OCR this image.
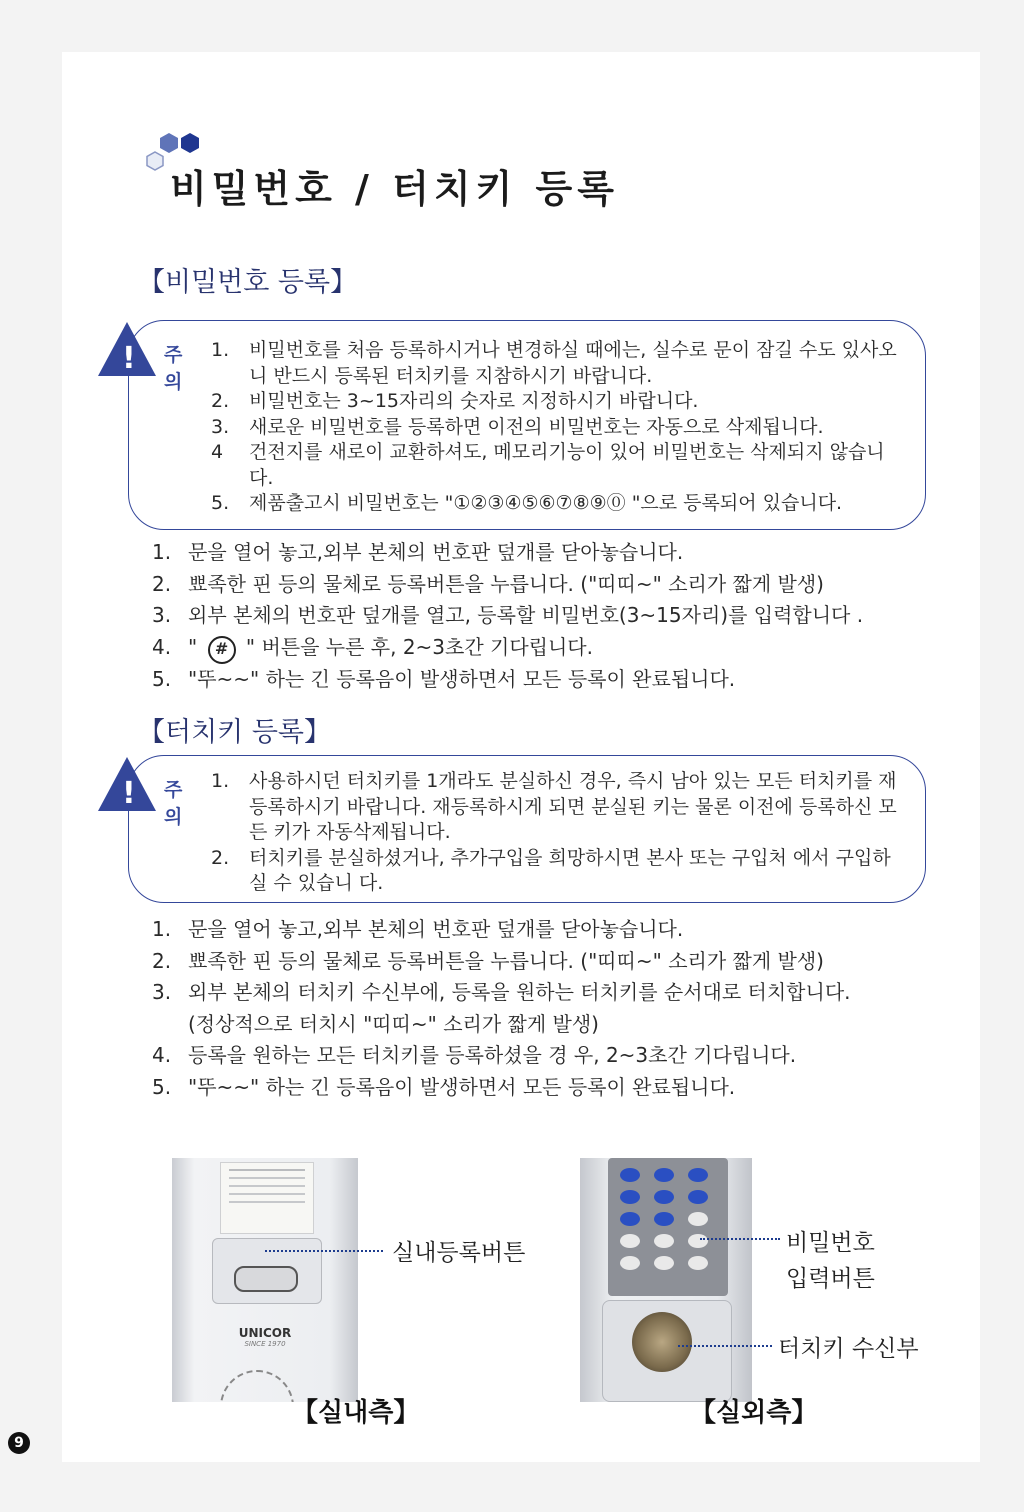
비밀번호 / 터치키 등록
【비밀번호 등록】
1.	비밀번호를 처음 등록하시거나 변경하실 때에는, 실수로 문이 잠길 수도 있사오니 반드시 등록된 터치키를 지참하시기 바랍니다.
2.	비밀번호는 3~15자리의 숫자로 지정하시기 바랍니다.
3.	새로운 비밀번호를 등록하면 이전의 비밀번호는 자동으로 삭제됩니다.
4	건전지를 새로이 교환하셔도, 메모리기능이 있어 비밀번호는 삭제되지 않습니다.
5.	제품출고시 비밀번호는 "①②③④⑤⑥⑦⑧⑨⓪ "으로 등록되어 있습니다.
! 주 의
1. 문을 열어 놓고,외부 본체의 번호판 덮개를 닫아놓습니다.
2. 뾰족한 핀 등의 물체로 등록버튼을 누릅니다. ("띠띠~" 소리가 짧게 발생)
3. 외부 본체의 번호판 덮개를 열고, 등록할 비밀번호(3~15자리)를 입력합니다 .
4. " # " 버튼을 누른 후, 2~3초간 기다립니다.
5. "뚜~~" 하는 긴 등록음이 발생하면서 모든 등록이 완료됩니다.
【터치키 등록】
1.	사용하시던 터치키를 1개라도 분실하신 경우, 즉시 남아 있는 모든 터치키를 재등록하시기 바랍니다. 재등록하시게 되면 분실된 키는 물론 이전에 등록하신 모든 키가 자동삭제됩니다.
2.	터치키를 분실하셨거나, 추가구입을 희망하시면 본사 또는 구입처 에서 구입하실 수 있습니 다.
! 주 의
1. 문을 열어 놓고,외부 본체의 번호판 덮개를 닫아놓습니다.
2. 뾰족한 핀 등의 물체로 등록버튼을 누릅니다. ("띠띠~" 소리가 짧게 발생)
3. 외부 본체의 터치키 수신부에, 등록을 원하는 터치키를 순서대로 터치합니다.
(정상적으로 터치시 "띠띠~" 소리가 짧게 발생)
4. 등록을 원하는 모든 터치키를 등록하셨을 경 우, 2~3초간 기다립니다.
5. "뚜~~" 하는 긴 등록음이 발생하면서 모든 등록이 완료됩니다.
UNICOR
SINCE 1970
실내등록버튼
【실내측】
비밀번호
입력버튼
터치키 수신부
【실외측】
9
